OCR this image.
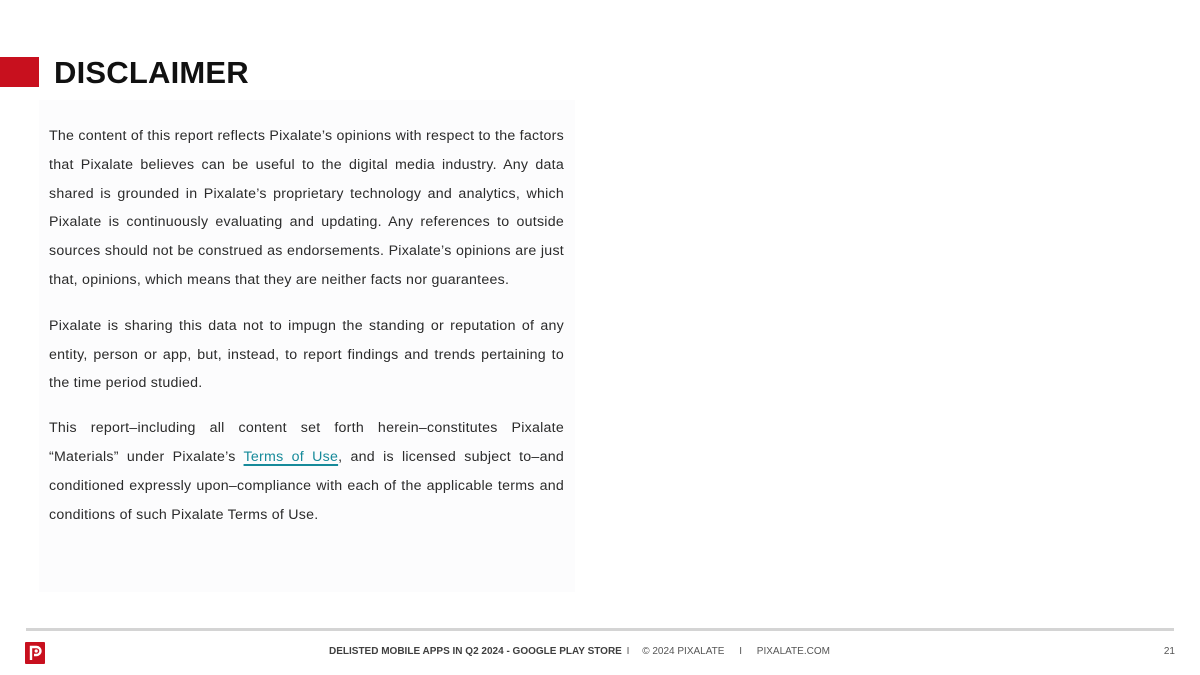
DISCLAIMER

The content of this report reflects Pixalate’s opinions with respect to the factors that Pixalate believes can be useful to the digital media industry. Any data shared is grounded in Pixalate’s proprietary technology and analytics, which Pixalate is continuously evaluating and updating. Any references to outside sources should not be construed as endorsements. Pixalate’s opinions are just that, opinions, which means that they are neither facts nor guarantees.

Pixalate is sharing this data not to impugn the standing or reputation of any entity, person or app, but, instead, to report findings and trends pertaining to the time period studied.

This report–including all content set forth herein–constitutes Pixalate “Materials” under Pixalate’s Terms of Use, and is licensed subject to–and conditioned expressly upon–compliance with each of the applicable terms and conditions of such Pixalate Terms of Use.

DELISTED MOBILE APPS IN Q2 2024 - GOOGLE PLAY STORE I © 2024 PIXALATE I PIXALATE.COM	21
